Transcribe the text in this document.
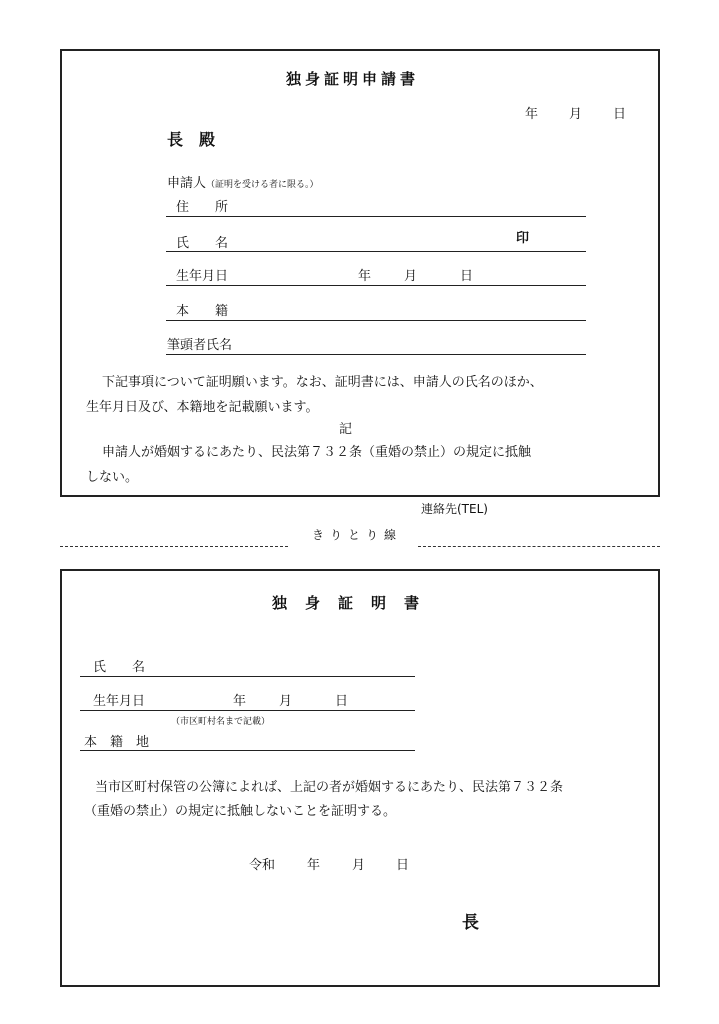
独身証明申請書
年 月 日
長　殿
申請人（証明を受ける者に限る。）
住　　所
氏　　名	印
生年月日	年	月	日
本　　籍
筆頭者氏名
下記事項について証明願います。なお、証明書には、申請人の氏名のほか、
生年月日及び、本籍地を記載願います。
記
申請人が婚姻するにあたり、民法第７３２条（重婚の禁止）の規定に抵触
しない。
連絡先(TEL)
きりとり線
独身証明書
氏　　名
生年月日	年	月	日
（市区町村名まで記載）
本　籍　地
当市区町村保管の公簿によれば、上記の者が婚姻するにあたり、民法第７３２条
（重婚の禁止）の規定に抵触しないことを証明する。
令和 年 月 日
長
